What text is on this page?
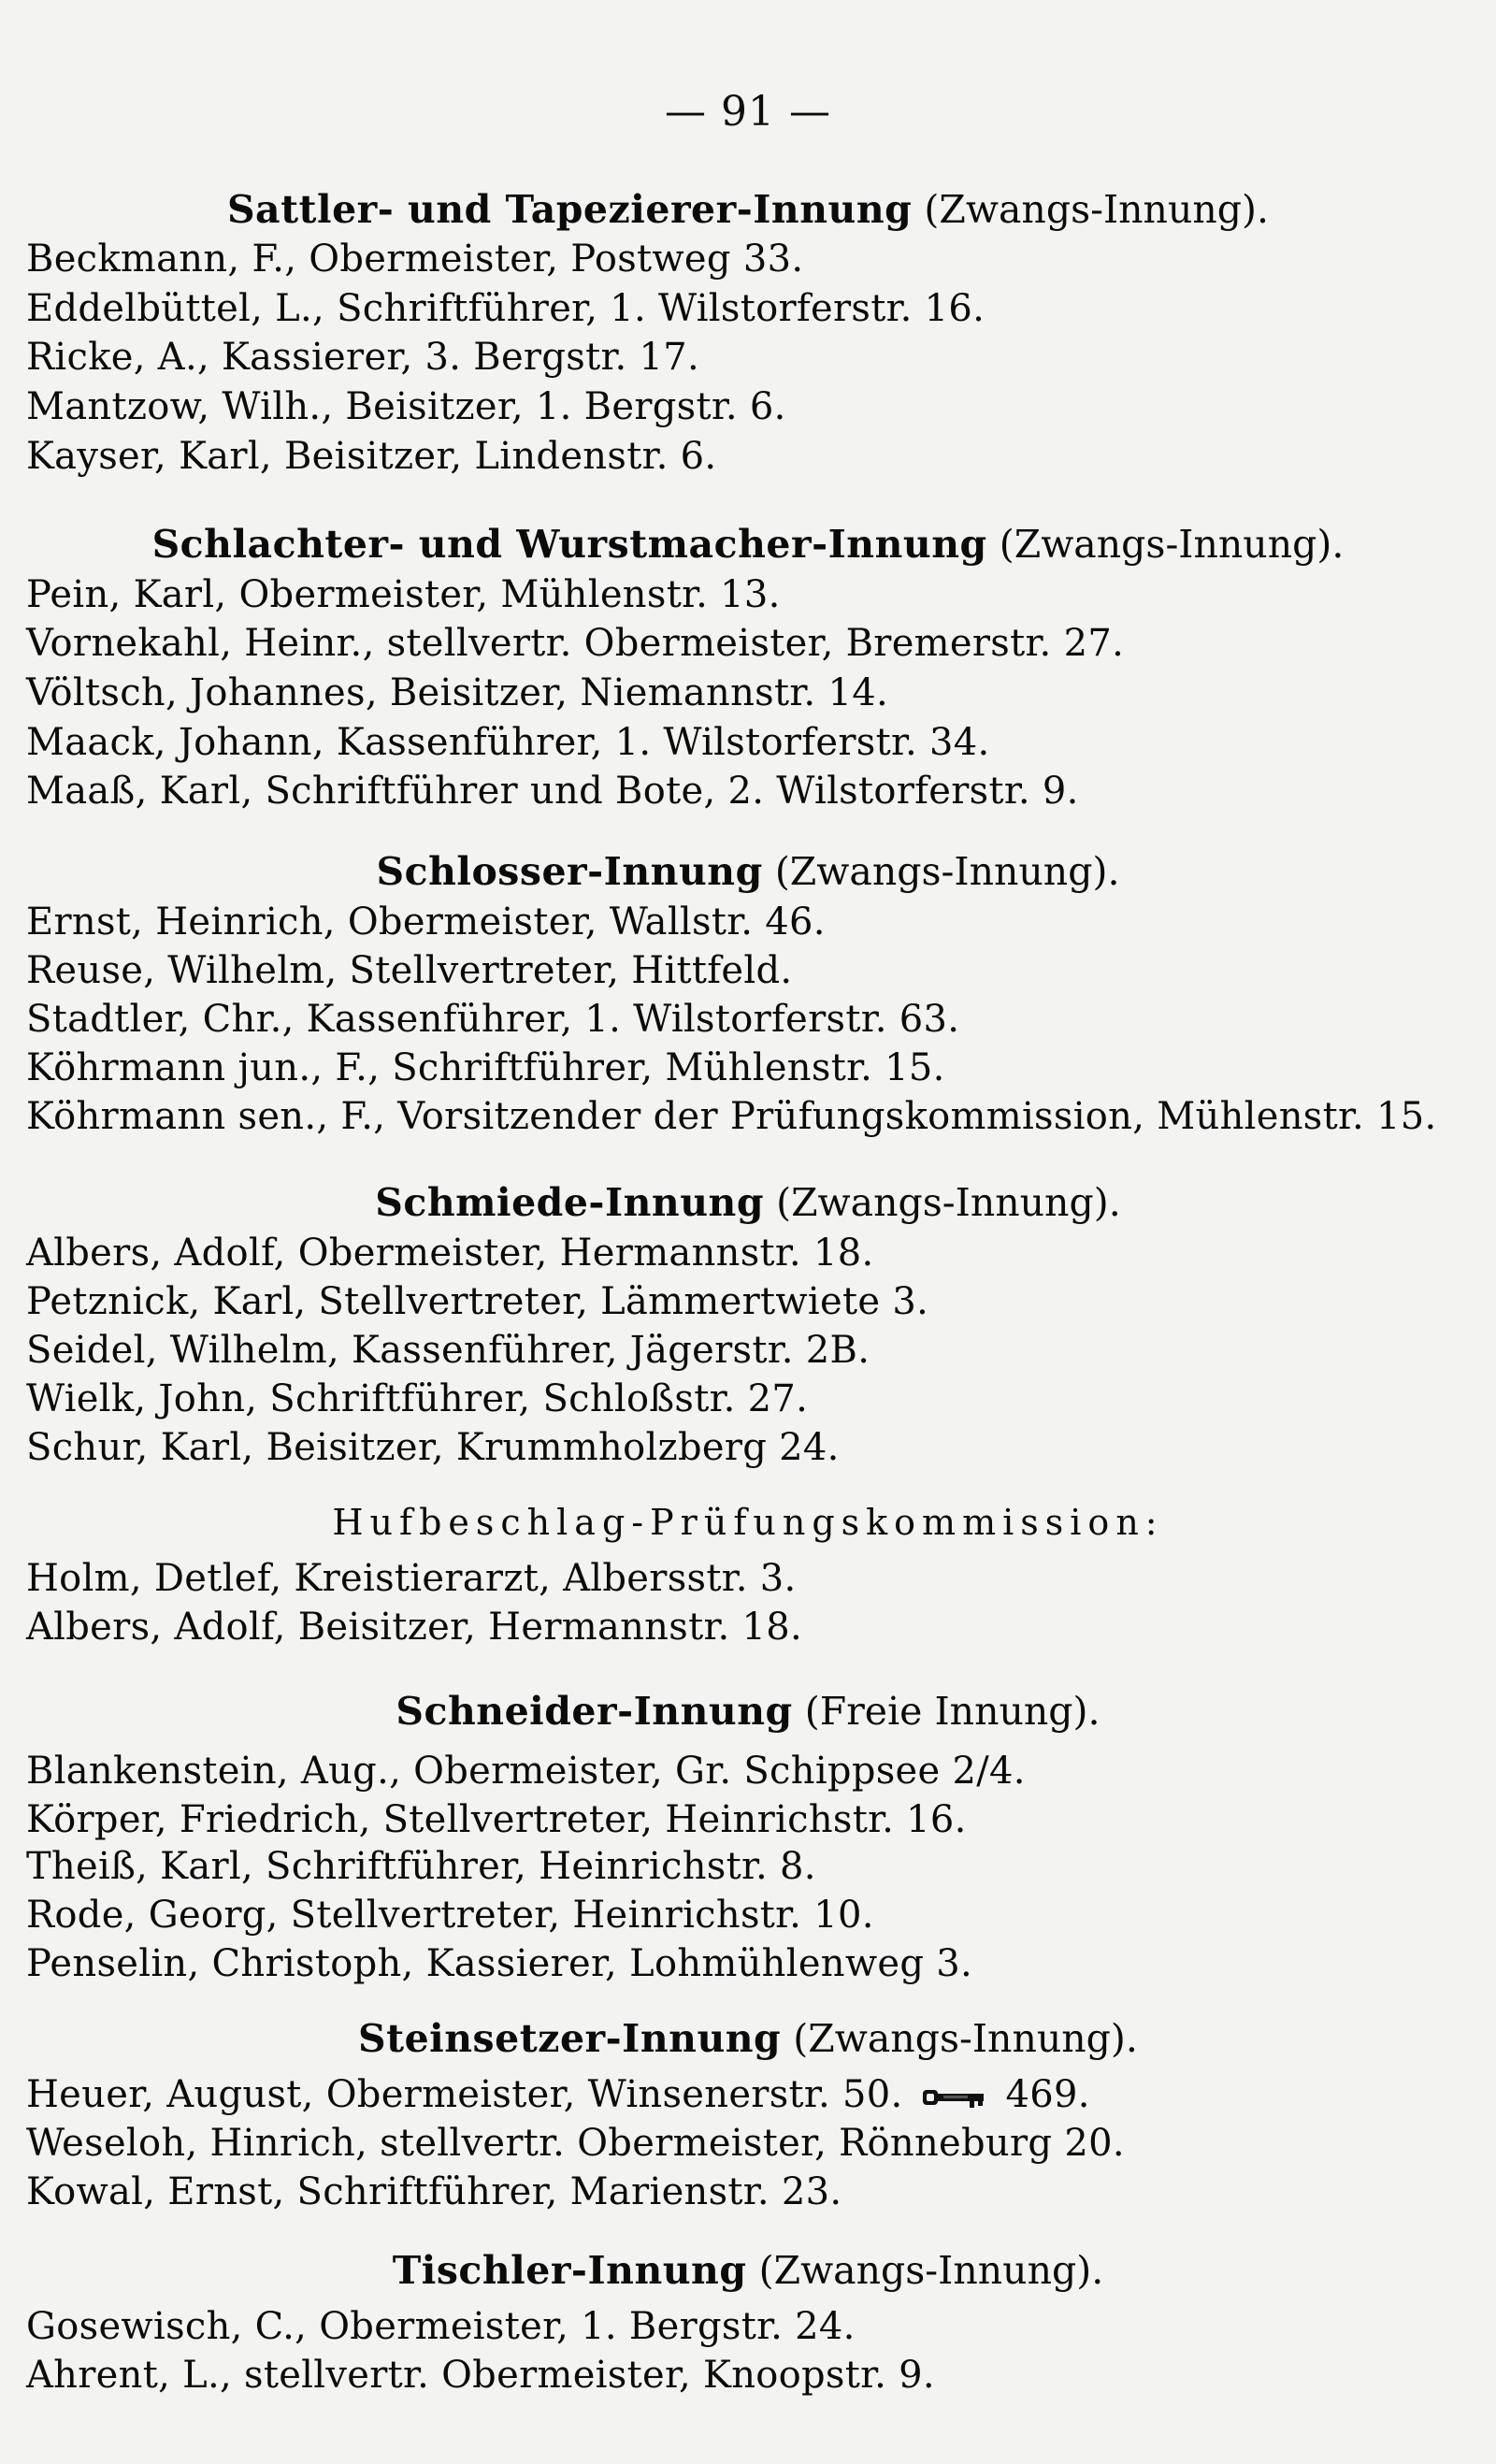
— 91 —
Sattler- und Tapezierer-Innung (Zwangs-Innung).
Beckmann, F., Obermeister, Postweg 33.
Eddelbüttel, L., Schriftführer, 1. Wilstorferstr. 16.
Ricke, A., Kassierer, 3. Bergstr. 17.
Mantzow, Wilh., Beisitzer, 1. Bergstr. 6.
Kayser, Karl, Beisitzer, Lindenstr. 6.
Schlachter- und Wurstmacher-Innung (Zwangs-Innung).
Pein, Karl, Obermeister, Mühlenstr. 13.
Vornekahl, Heinr., stellvertr. Obermeister, Bremerstr. 27.
Völtsch, Johannes, Beisitzer, Niemannstr. 14.
Maack, Johann, Kassenführer, 1. Wilstorferstr. 34.
Maaß, Karl, Schriftführer und Bote, 2. Wilstorferstr. 9.
Schlosser-Innung (Zwangs-Innung).
Ernst, Heinrich, Obermeister, Wallstr. 46.
Reuse, Wilhelm, Stellvertreter, Hittfeld.
Stadtler, Chr., Kassenführer, 1. Wilstorferstr. 63.
Köhrmann jun., F., Schriftführer, Mühlenstr. 15.
Köhrmann sen., F., Vorsitzender der Prüfungskommission, Mühlenstr. 15.
Schmiede-Innung (Zwangs-Innung).
Albers, Adolf, Obermeister, Hermannstr. 18.
Petznick, Karl, Stellvertreter, Lämmertwiete 3.
Seidel, Wilhelm, Kassenführer, Jägerstr. 2B.
Wielk, John, Schriftführer, Schloßstr. 27.
Schur, Karl, Beisitzer, Krummholzberg 24.
Hufbeschlag-Prüfungskommission:
Holm, Detlef, Kreistierarzt, Albersstr. 3.
Albers, Adolf, Beisitzer, Hermannstr. 18.
Schneider-Innung (Freie Innung).
Blankenstein, Aug., Obermeister, Gr. Schippsee 2/4.
Körper, Friedrich, Stellvertreter, Heinrichstr. 16.
Theiß, Karl, Schriftführer, Heinrichstr. 8.
Rode, Georg, Stellvertreter, Heinrichstr. 10.
Penselin, Christoph, Kassierer, Lohmühlenweg 3.
Steinsetzer-Innung (Zwangs-Innung).
Heuer, August, Obermeister, Winsenerstr. 50.	469.
Weseloh, Hinrich, stellvertr. Obermeister, Rönneburg 20.
Kowal, Ernst, Schriftführer, Marienstr. 23.
Tischler-Innung (Zwangs-Innung).
Gosewisch, C., Obermeister, 1. Bergstr. 24.
Ahrent, L., stellvertr. Obermeister, Knoopstr. 9.
